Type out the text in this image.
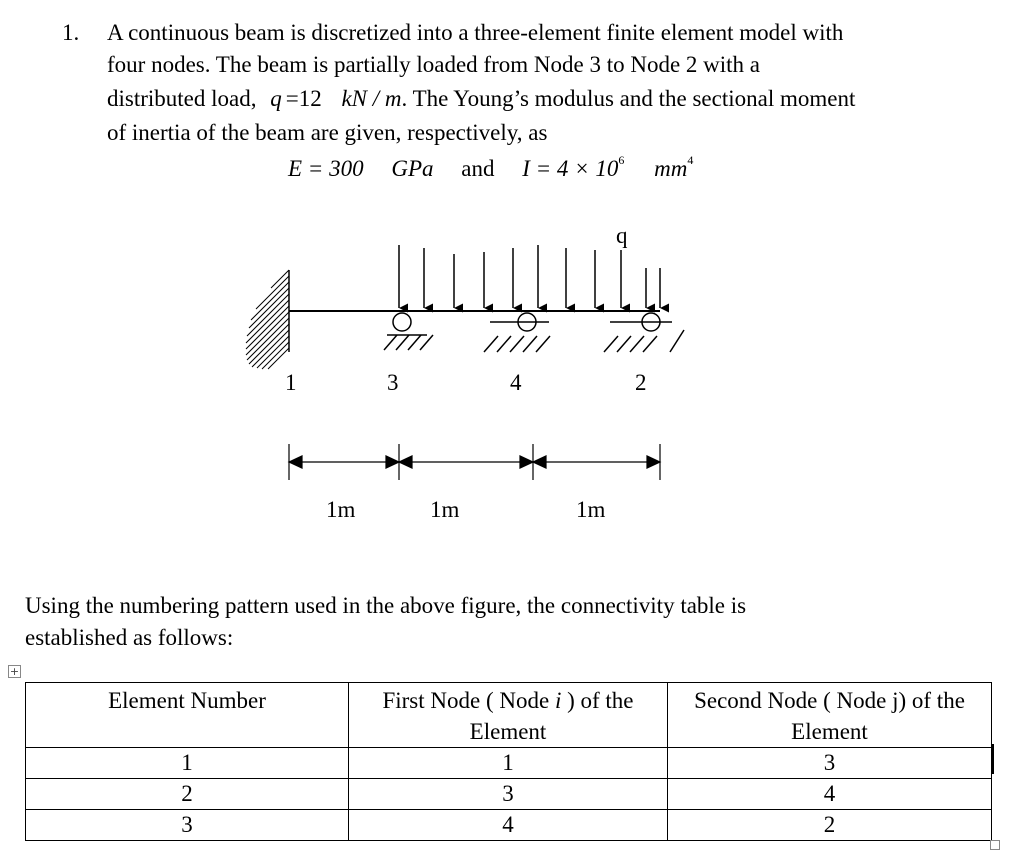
1. A continuous beam is discretized into a three-element finite element model with
four nodes. The beam is partially loaded from Node 3 to Node 2 with a
distributed load, q =12 kN / m. The Young’s modulus and the sectional moment
of inertia of the beam are given, respectively, as
E = 300 GPa and $I = 4 \times 10^6$ $mm^4$
q
1	3	4	2
1m	1m	1m
Using the numbering pattern used in the above figure, the connectivity table is
established as follows:
+
Element Number	First Node ( Node i ) of the Element	Second Node ( Node j) of the Element
1	1	3
2	3	4
3	4	2
